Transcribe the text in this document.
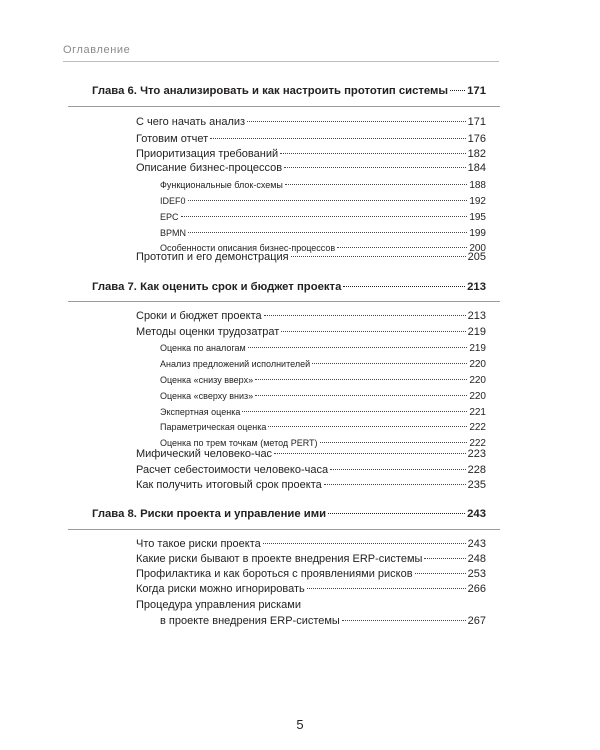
Оглавление
Глава 6. Что анализировать и как настроить прототип системы 171
С чего начать анализ	171
Готовим отчет	176
Приоритизация требований	182
Описание бизнес-процессов	184
Функциональные блок-схемы	188
IDEF0	192
EPC	195
BPMN	199
Особенности описания бизнес-процессов	200
Прототип и его демонстрация	205
Глава 7. Как оценить срок и бюджет проекта	213
Сроки и бюджет проекта	213
Методы оценки трудозатрат	219
Оценка по аналогам	219
Анализ предложений исполнителей	220
Оценка «снизу вверх»	220
Оценка «сверху вниз»	220
Экспертная оценка	221
Параметрическая оценка	222
Оценка по трем точкам (метод PERT)	222
Мифический человеко-час	223
Расчет себестоимости человеко-часа	228
Как получить итоговый срок проекта	235
Глава 8. Риски проекта и управление ими	243
Что такое риски проекта	243
Какие риски бывают в проекте внедрения ERP-системы	248
Профилактика и как бороться с проявлениями рисков	253
Когда риски можно игнорировать	266
Процедура управления рисками
в проекте внедрения ERP-системы	267
5
